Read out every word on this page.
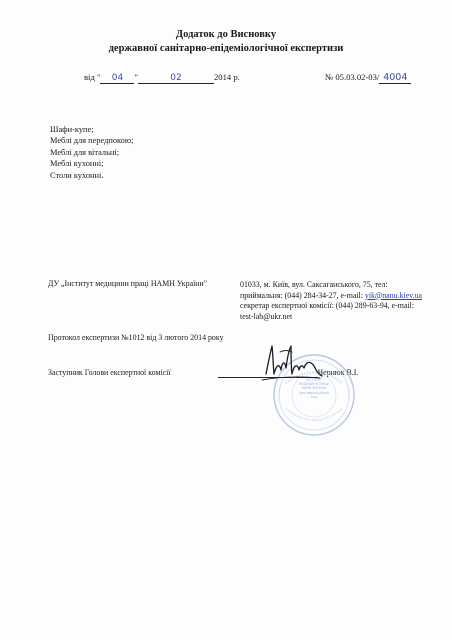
Додаток до Висновку
державної санітарно-епідеміологічної експертизи
від " 04 "	02	2014 р.	№ 05.03.02-03/ 4004
Шафи-купе;
Меблі для передпокою;
Меблі для вітальні;
Меблі кухонні;
Столи кухонні.
ДУ „Інститут медицини праці НАМН України"	01033, м. Київ, вул. Саксаганського, 75, тел:
приймальня: (044) 284-34-27, e-mail: yik@nanu.kiev.ua
секретар експертної комісії: (044) 289-63-94, e-mail:
test-lab@ukr.net
Протокол експертизи №1012 від 3 лютого 2014 року
Заступник Голови експертної комісії	Чернюк В.І.
ІНСТИТУТ
МЕДИЦИНИ ПРАЦІ
НАМН УКРАЇНИ
Ідентифікаційний
код
